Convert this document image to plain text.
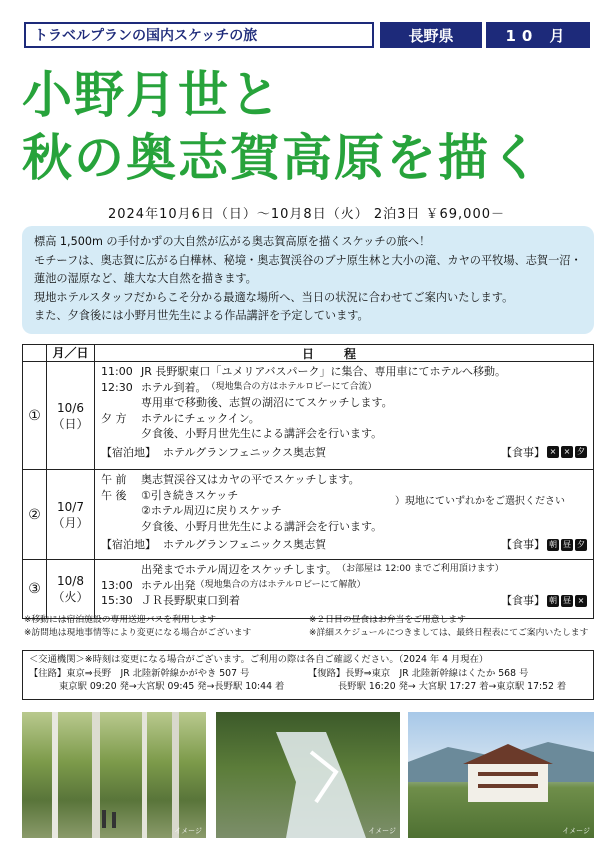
トラベルプランの国内スケッチの旅	長野県	10 月
小野月世と
秋の奥志賀高原を描く
2024年10月6日（日）～10月8日（火） 2泊3日 ￥69,000－
標高 1,500m の手付かずの大自然が広がる奥志賀高原を描くスケッチの旅へ！
モチーフは、奥志賀に広がる白樺林、秘境・奥志賀渓谷のブナ原生林と大小の滝、カヤの平牧場、志賀一沼・蓮池の湿原など、雄大な大自然を描きます。
現地ホテルスタッフだからこそ分かる最適な場所へ、当日の状況に合わせてご案内いたします。
また、夕食後には小野月世先生による作品講評を予定しています。
月／日	日程
①	10/6
（日）
11:00 JR 長野駅東口「ユメリアバスパーク」に集合、専用車にてホテルへ移動。
12:30 ホテル到着。 （現地集合の方はホテルロビーにて合流）
専用車で移動後、志賀の湖沼にてスケッチします。
夕 方	ホテルにチェックイン。
夕食後、小野月世先生による講評会を行います。
【宿泊地】 ホテルグランフェニックス奥志賀	【食事】 × × 夕
②	10/7
（月）
午 前	奥志賀渓谷又はカヤの平でスケッチします。
午 後	①引き続きスケッチ
②ホテル周辺に戻りスケッチ
夕食後、小野月世先生による講評会を行います。
）現地にていずれかをご選択ください
【宿泊地】 ホテルグランフェニックス奥志賀	【食事】 朝 昼 夕
③	10/8
（火）
出発までホテル周辺をスケッチします。 （お部屋は 12:00 までご利用頂けます）
13:00 ホテル出発 （現地集合の方はホテルロビーにて解散）
15:30 ＪＲ長野駅東口到着	【食事】 朝 昼 ×
※移動には宿泊施設の専用送迎バスを利用します	※２日目の昼食はお弁当をご用意します
※訪問地は現地事情等により変更になる場合がございます	※詳細スケジュールにつきましては、最終日程表にてご案内いたします
＜交通機関＞※時刻は変更になる場合がございます。ご利用の際は各自ご確認ください。（2024 年 4 月現在）
【往路】東京⇒長野　JR 北陸新幹線かがやき 507 号
東京駅 09:20 発→大宮駅 09:45 発→長野駅 10:44 着
【復路】長野⇒東京　JR 北陸新幹線はくたか 568 号
長野駅 16:20 発→ 大宮駅 17:27 着→東京駅 17:52 着
イメージ	イメージ	イメージ
